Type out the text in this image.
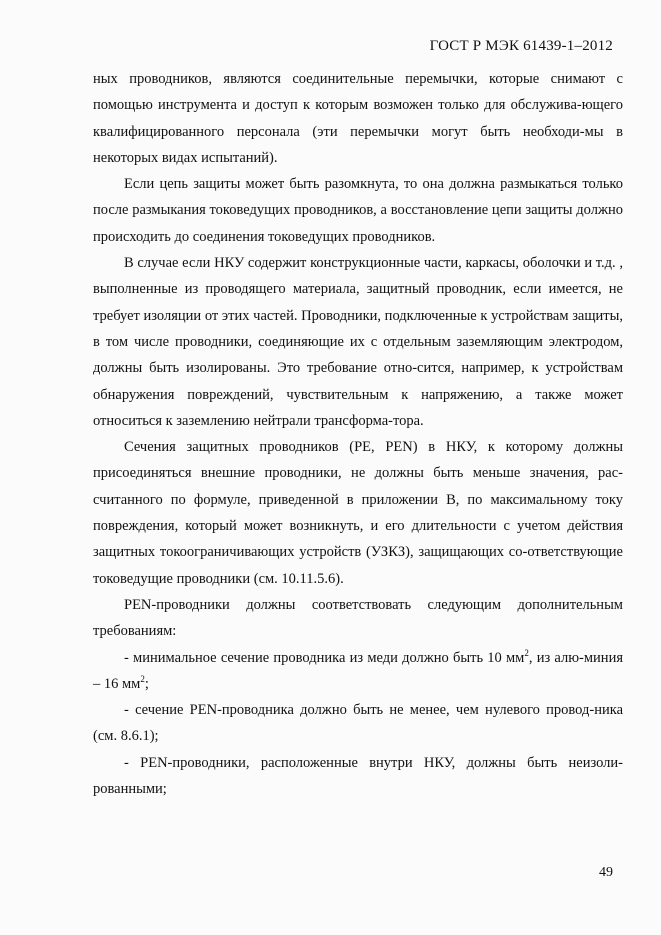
ГОСТ Р МЭК 61439-1–2012

ных проводников, являются соединительные перемычки, которые снимают с помощью инструмента и доступ к которым возможен только для обслужива-ющего квалифицированного персонала (эти перемычки могут быть необходи-мы в некоторых видах испытаний).

Если цепь защиты может быть разомкнута, то она должна размыкаться только после размыкания токоведущих проводников, а восстановление цепи защиты должно происходить до соединения токоведущих проводников.

В случае если НКУ содержит конструкционные части, каркасы, оболочки и т.д. , выполненные из проводящего материала, защитный проводник, если имеется, не требует изоляции от этих частей. Проводники, подключенные к устройствам защиты, в том числе проводники, соединяющие их с отдельным заземляющим электродом, должны быть изолированы. Это требование отно-сится, например, к устройствам обнаружения повреждений, чувствительным к напряжению, а также может относиться к заземлению нейтрали трансформа-тора.

Сечения защитных проводников (PE, PEN) в НКУ, к которому должны присоединяться внешние проводники, не должны быть меньше значения, рас-считанного по формуле, приведенной в приложении В, по максимальному току повреждения, который может возникнуть, и его длительности с учетом действия защитных токоограничивающих устройств (УЗКЗ), защищающих со-ответствующие токоведущие проводники (см. 10.11.5.6).

PEN-проводники должны соответствовать следующим дополнительным требованиям:

- минимальное сечение проводника из меди должно быть 10 $мм^2$, из алю-миния – 16 $мм^2$;

- сечение PEN-проводника должно быть не менее, чем нулевого провод-ника (см. 8.6.1);

- PEN-проводники, расположенные внутри НКУ, должны быть неизоли-рованными;

49
